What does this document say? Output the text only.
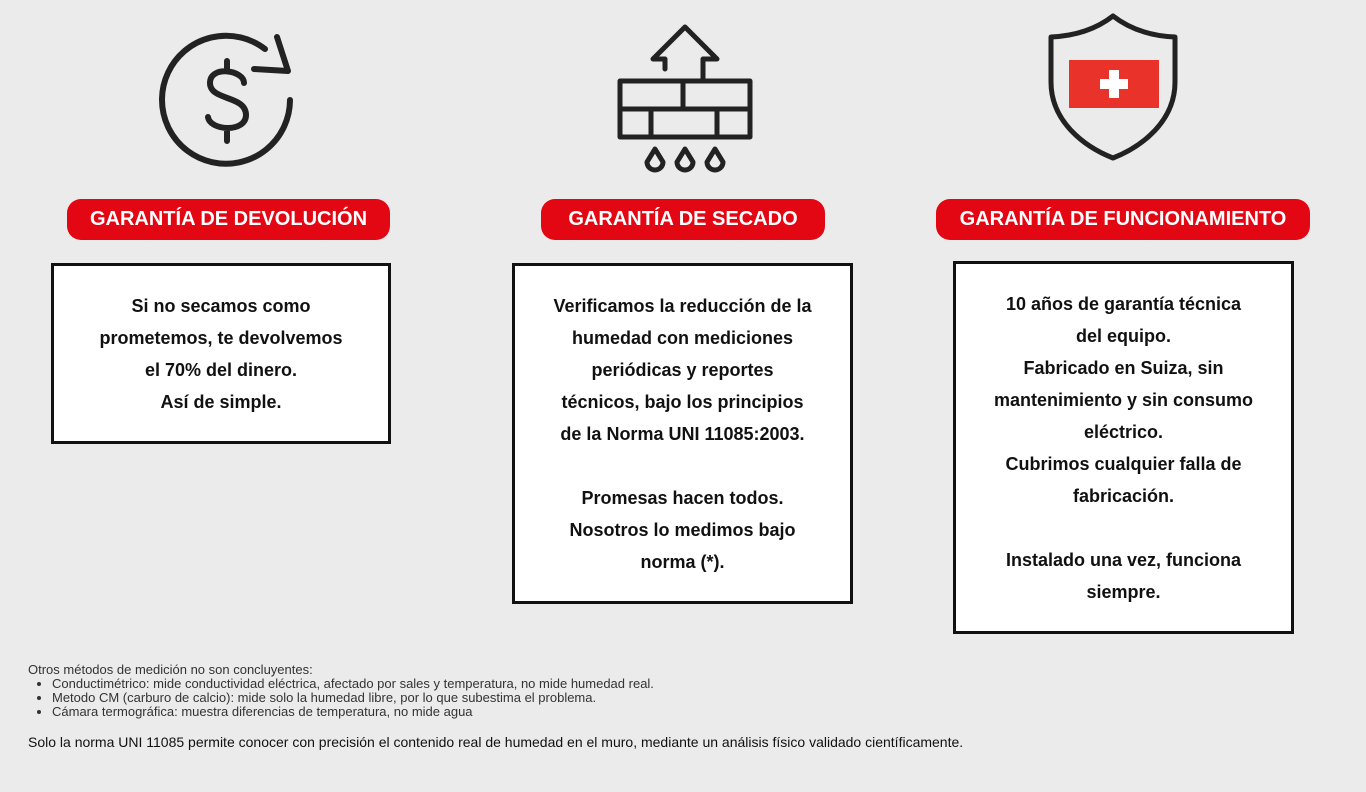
GARANTÍA DE DEVOLUCIÓN	GARANTÍA DE SECADO	GARANTÍA DE FUNCIONAMIENTO

Si no secamos como

prometemos, te devolvemos

el 70% del dinero.

Así de simple.

Verificamos la reducción de la

humedad con mediciones

periódicas y reportes

técnicos, bajo los principios

de la Norma UNI 11085:2003.

Promesas hacen todos.

Nosotros lo medimos bajo

norma (*).

10 años de garantía técnica

del equipo.

Fabricado en Suiza, sin

mantenimiento y sin consumo

eléctrico.

Cubrimos cualquier falla de

fabricación.

Instalado una vez, funciona

siempre.

Otros métodos de medición no son concluyentes:
• Conductimétrico: mide conductividad eléctrica, afectado por sales y temperatura, no mide humedad real.
• Metodo CM (carburo de calcio): mide solo la humedad libre, por lo que subestima el problema.
• Cámara termográfica: muestra diferencias de temperatura, no mide agua
Solo la norma UNI 11085 permite conocer con precisión el contenido real de humedad en el muro, mediante un análisis físico validado científicamente.
